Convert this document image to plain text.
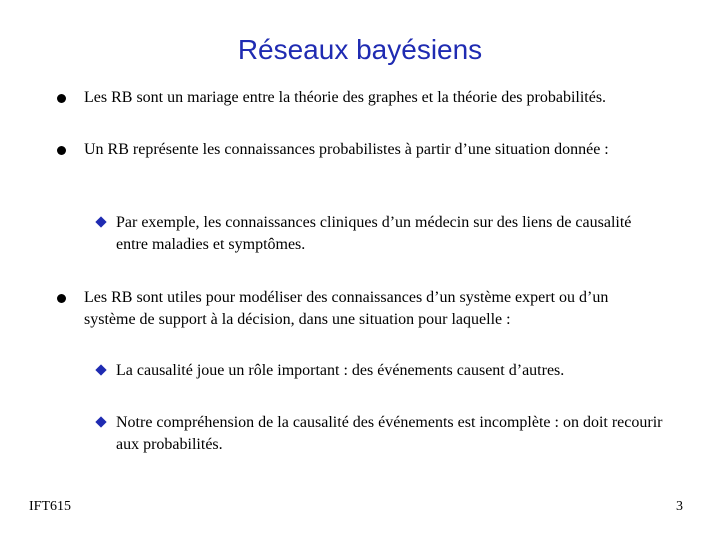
Réseaux bayésiens
Les RB sont un mariage entre la théorie des graphes et la théorie des probabilités.
Un RB représente les connaissances probabilistes à partir d’une situation donnée :
Par exemple, les connaissances cliniques d’un médecin sur des liens de causalité entre maladies et symptômes.
Les RB sont utiles pour modéliser des connaissances d’un système expert ou d’un système de support à la décision, dans une situation pour laquelle :
La causalité joue un rôle important : des événements causent d’autres.
Notre compréhension de la causalité des événements est incomplète : on doit recourir aux probabilités.
IFT615	3
